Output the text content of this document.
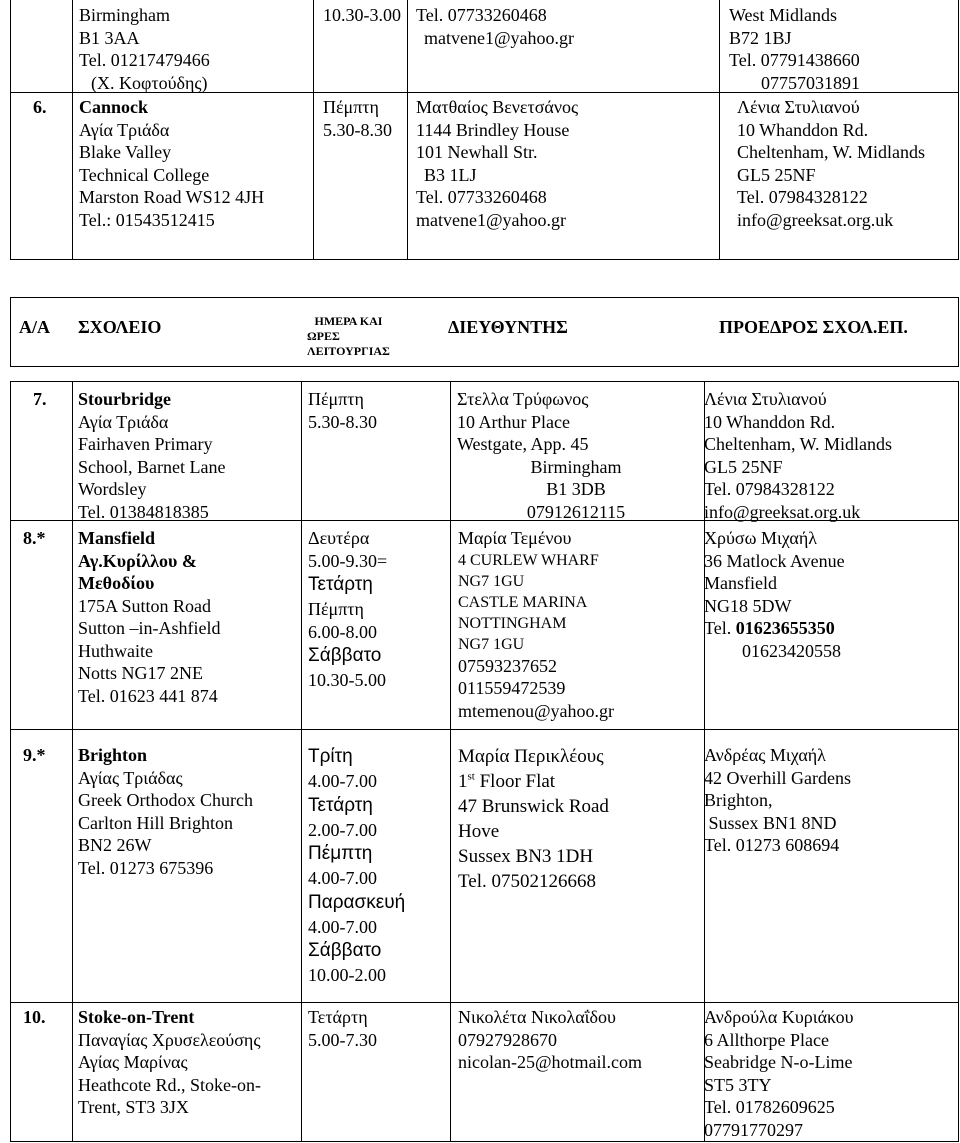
Birmingham
B1 3AA
Tel. 01217479466
(Χ. Κοφτούδης)
10.30-3.00 Tel. 07733260468
matvene1@yahoo.gr
West Midlands
B72 1BJ
Tel. 07791438660
07757031891
6. Cannock
Αγία Τριάδα
Blake Valley
Technical College
Marston Road WS12 4JH
Tel.: 01543512415
Πέμπτη
5.30-8.30
Ματθαίος Βενετσάνος
1144 Brindley House
101 Newhall Str.
B3 1LJ
Tel. 07733260468
matvene1@yahoo.gr
Λένια Στυλιανού
10 Whanddon Rd.
Cheltenham, W. Midlands
GL5 25NF
Tel. 07984328122
info@greeksat.org.uk
Α/Α ΣΧΟΛΕΙΟ	ΗΜΕΡΑ ΚΑΙ
ΩΡΕΣ
ΛΕΙΤΟΥΡΓΙΑΣ
ΔΙΕΥΘΥΝΤΗΣ	ΠΡΟΕΔΡΟΣ ΣΧΟΛ.ΕΠ.
7. Stourbridge
Αγία Τριάδα
Fairhaven Primary
School, Barnet Lane
Wordsley
Tel. 01384818385
Πέμπτη
5.30-8.30
Στελλα Τρύφωνος
10 Arthur Place
Westgate, App. 45
Birmingham
B1 3DB
07912612115
Λένια Στυλιανού
10 Whanddon Rd.
Cheltenham, W. Midlands
GL5 25NF
Tel. 07984328122
info@greeksat.org.uk
8.* Mansfield
Αγ.Κυρίλλου &
Μεθοδίου
175A Sutton Road
Sutton –in-Ashfield
Huthwaite
Notts NG17 2NE
Tel. 01623 441 874
Δευτέρα
5.00-9.30=
Τετάρτη
Πέμπτη
6.00-8.00
Σάββατο
10.30-5.00
Μαρία Τεμένου
4 CURLEW WHARF
NG7 1GU
CASTLE MARINA
NOTTINGHAM
NG7 1GU
07593237652
011559472539
mtemenou@yahoo.gr
Χρύσω Μιχαήλ
36 Matlock Avenue
Mansfield
NG18 5DW
Tel. 01623655350
01623420558
9.* Brighton
Αγίας Τριάδας
Greek Orthodox Church
Carlton Hill Brighton
BN2 26W
Tel. 01273 675396
Τρίτη
4.00-7.00
Τετάρτη
2.00-7.00
Πέμπτη
4.00-7.00
Παρασκευή
4.00-7.00
Σάββατο
10.00-2.00
Μαρία Περικλέους
1st Floor Flat
47 Brunswick Road
Hove
Sussex BN3 1DH
Tel. 07502126668
Ανδρέας Μιχαήλ
42 Overhill Gardens
Brighton,
Sussex BN1 8ND
Tel. 01273 608694
10. Stoke-on-Trent
Παναγίας Χρυσελεούσης
Αγίας Μαρίνας
Heathcote Rd., Stoke-on-
Trent, ST3 3JX
Τετάρτη
5.00-7.30
Νικολέτα Νικολαΐδου
07927928670
nicolan-25@hotmail.com
Ανδρούλα Κυριάκου
6 Allthorpe Place
Seabridge N-o-Lime
ST5 3TY
Tel. 01782609625
07791770297
